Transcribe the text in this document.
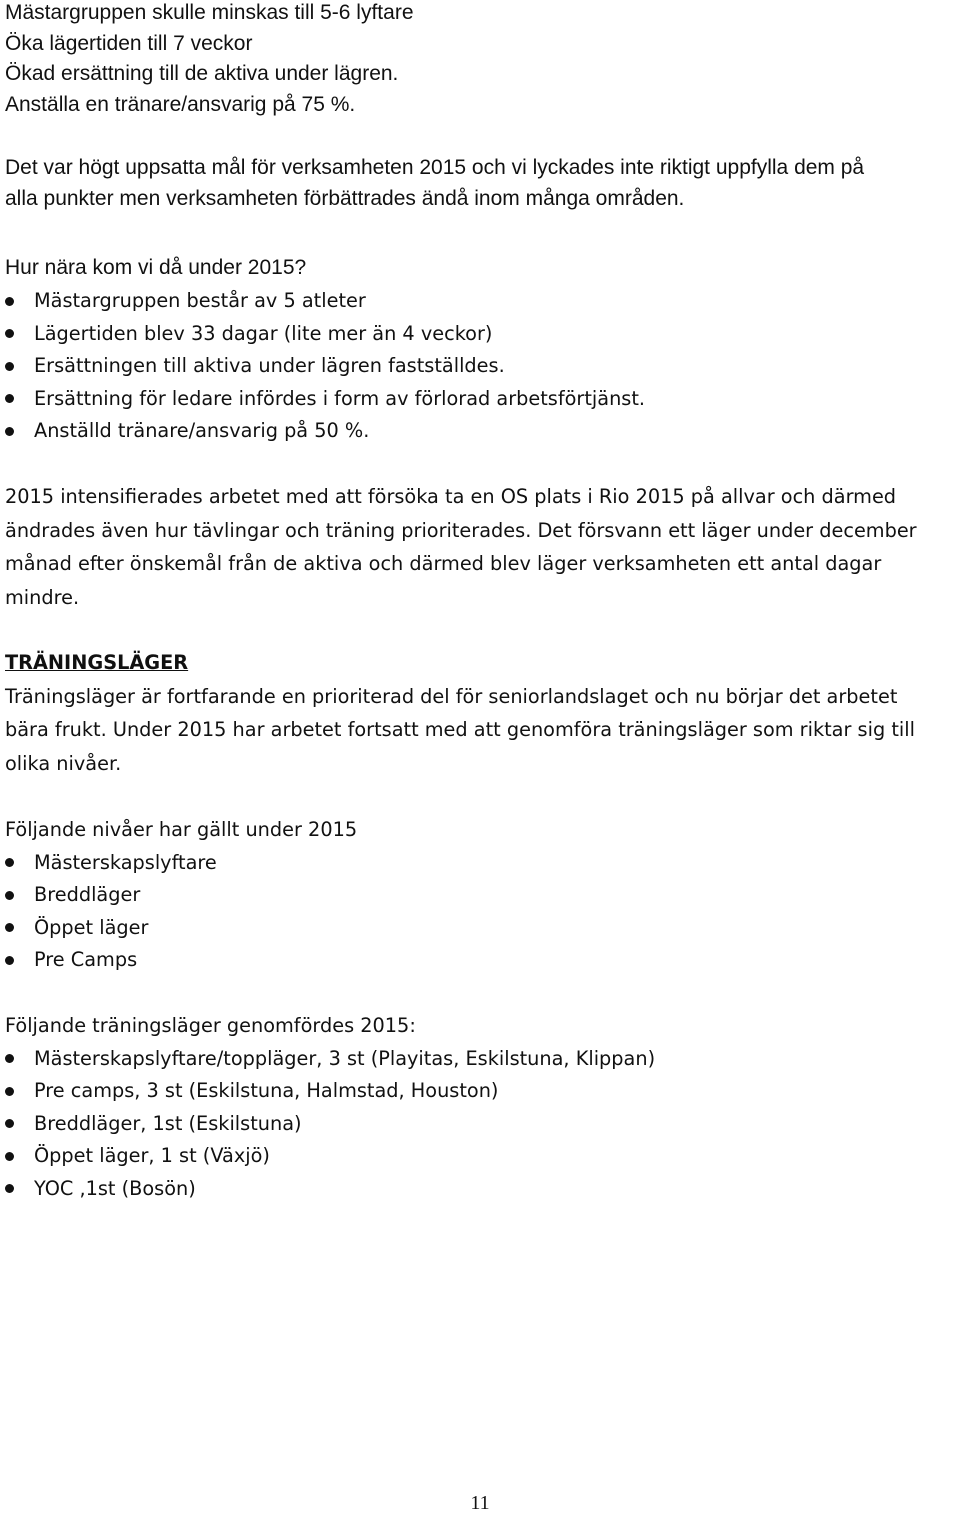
Mästargruppen skulle minskas till 5-6 lyftare
Öka lägertiden till 7 veckor
Ökad ersättning till de aktiva under lägren.
Anställa en tränare/ansvarig på 75 %.
Det var högt uppsatta mål för verksamheten 2015 och vi lyckades inte riktigt uppfylla dem på
alla punkter men verksamheten förbättrades ändå inom många områden.
Hur nära kom vi då under 2015?
Mästargruppen består av 5 atleter
Lägertiden blev 33 dagar (lite mer än 4 veckor)
Ersättningen till aktiva under lägren fastställdes.
Ersättning för ledare infördes i form av förlorad arbetsförtjänst.
Anställd tränare/ansvarig på 50 %.
2015 intensifierades arbetet med att försöka ta en OS plats i Rio 2015 på allvar och därmed
ändrades även hur tävlingar och träning prioriterades. Det försvann ett läger under december
månad efter önskemål från de aktiva och därmed blev läger verksamheten ett antal dagar
mindre.
TRÄNINGSLÄGER
Träningsläger är fortfarande en prioriterad del för seniorlandslaget och nu börjar det arbetet
bära frukt. Under 2015 har arbetet fortsatt med att genomföra träningsläger som riktar sig till
olika nivåer.
Följande nivåer har gällt under 2015
Mästerskapslyftare
Breddläger
Öppet läger
Pre Camps
Följande träningsläger genomfördes 2015:
Mästerskapslyftare/toppläger, 3 st (Playitas, Eskilstuna, Klippan)
Pre camps, 3 st (Eskilstuna, Halmstad, Houston)
Breddläger, 1st (Eskilstuna)
Öppet läger, 1 st (Växjö)
YOC ,1st (Bosön)
11
